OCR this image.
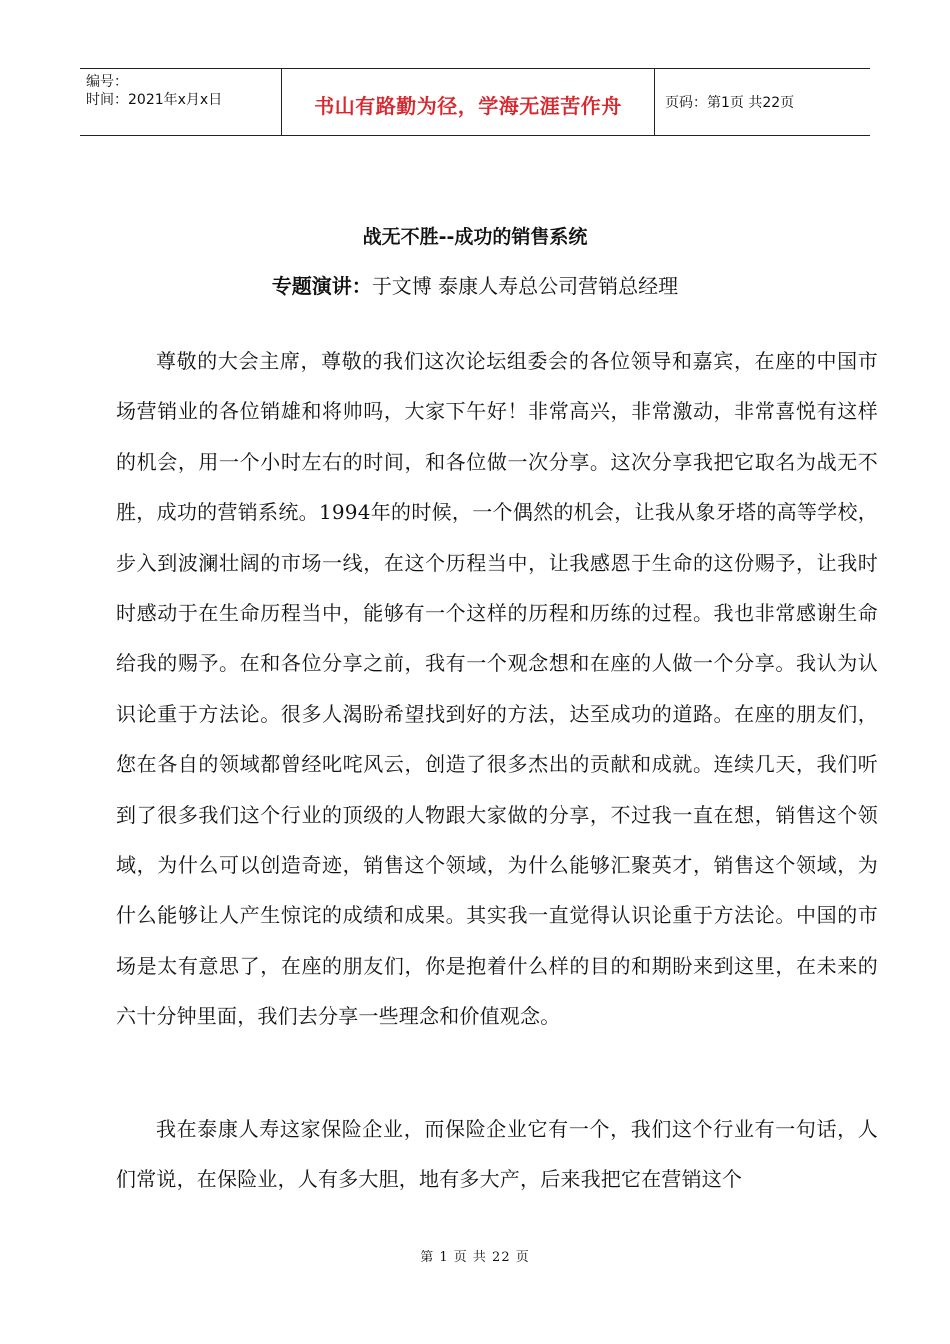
编号：
时间：2021年x月x日	书山有路勤为径，学海无涯苦作舟	页码：第1页 共22页
战无不胜--成功的销售系统
专题演讲：于文博 泰康人寿总公司营销总经理

尊敬的大会主席，尊敬的我们这次论坛组委会的各位领导和嘉宾，在座的中国市场营销业的各位销雄和将帅吗，大家下午好！非常高兴，非常激动，非常喜悦有这样的机会，用一个小时左右的时间，和各位做一次分享。这次分享我把它取名为战无不胜，成功的营销系统。1994年的时候，一个偶然的机会，让我从象牙塔的高等学校，步入到波澜壮阔的市场一线，在这个历程当中，让我感恩于生命的这份赐予，让我时时感动于在生命历程当中，能够有一个这样的历程和历练的过程。我也非常感谢生命给我的赐予。在和各位分享之前，我有一个观念想和在座的人做一个分享。我认为认识论重于方法论。很多人渴盼希望找到好的方法，达至成功的道路。在座的朋友们，您在各自的领域都曾经叱咤风云，创造了很多杰出的贡献和成就。连续几天，我们听到了很多我们这个行业的顶级的人物跟大家做的分享，不过我一直在想，销售这个领域，为什么可以创造奇迹，销售这个领域，为什么能够汇聚英才，销售这个领域，为什么能够让人产生惊诧的成绩和成果。其实我一直觉得认识论重于方法论。中国的市场是太有意思了，在座的朋友们，你是抱着什么样的目的和期盼来到这里，在未来的六十分钟里面，我们去分享一些理念和价值观念。

我在泰康人寿这家保险企业，而保险企业它有一个，我们这个行业有一句话，人们常说，在保险业，人有多大胆，地有多大产，后来我把它在营销这个

第 1 页 共 22 页
